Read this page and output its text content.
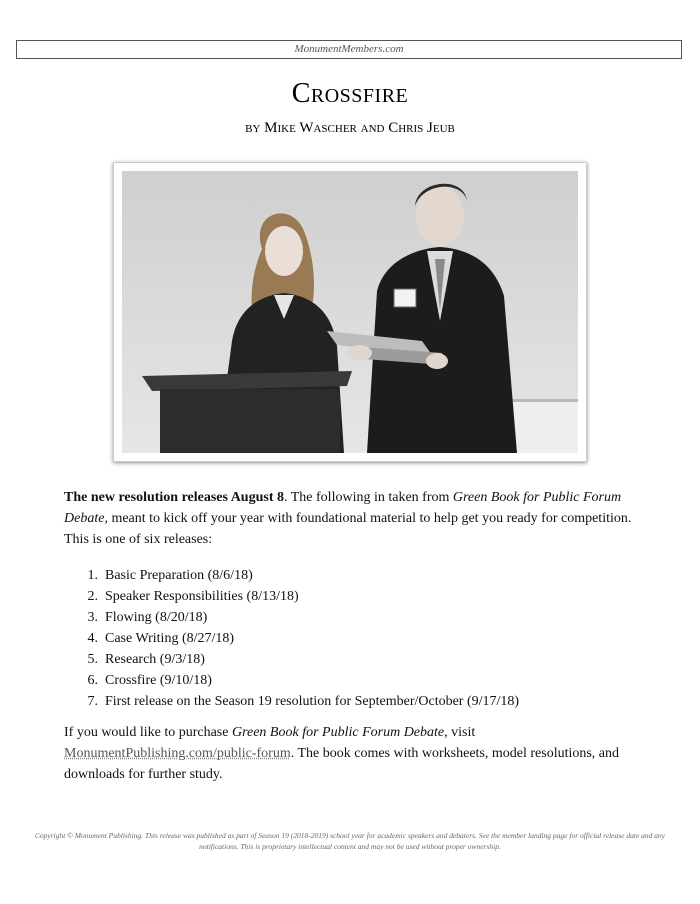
MonumentMembers.com
Crossfire
by Mike Wascher and Chris Jeub

The new resolution releases August 8. The following in taken from Green Book for Public Forum Debate, meant to kick off your year with foundational material to help get you ready for competition. This is one of six releases:

1. Basic Preparation (8/6/18)
2. Speaker Responsibilities (8/13/18)
3. Flowing (8/20/18)
4. Case Writing (8/27/18)
5. Research (9/3/18)
6. Crossfire (9/10/18)
7. First release on the Season 19 resolution for September/October (9/17/18)

If you would like to purchase Green Book for Public Forum Debate, visit MonumentPublishing.com/public-forum. The book comes with worksheets, model resolutions, and downloads for further study.

Copyright © Monument Publishing. This release was published as part of Season 19 (2018-2019) school year for academic speakers and debaters. See the member landing page for official release date and any notifications. This is proprietary intellectual content and may not be used without proper ownership.
